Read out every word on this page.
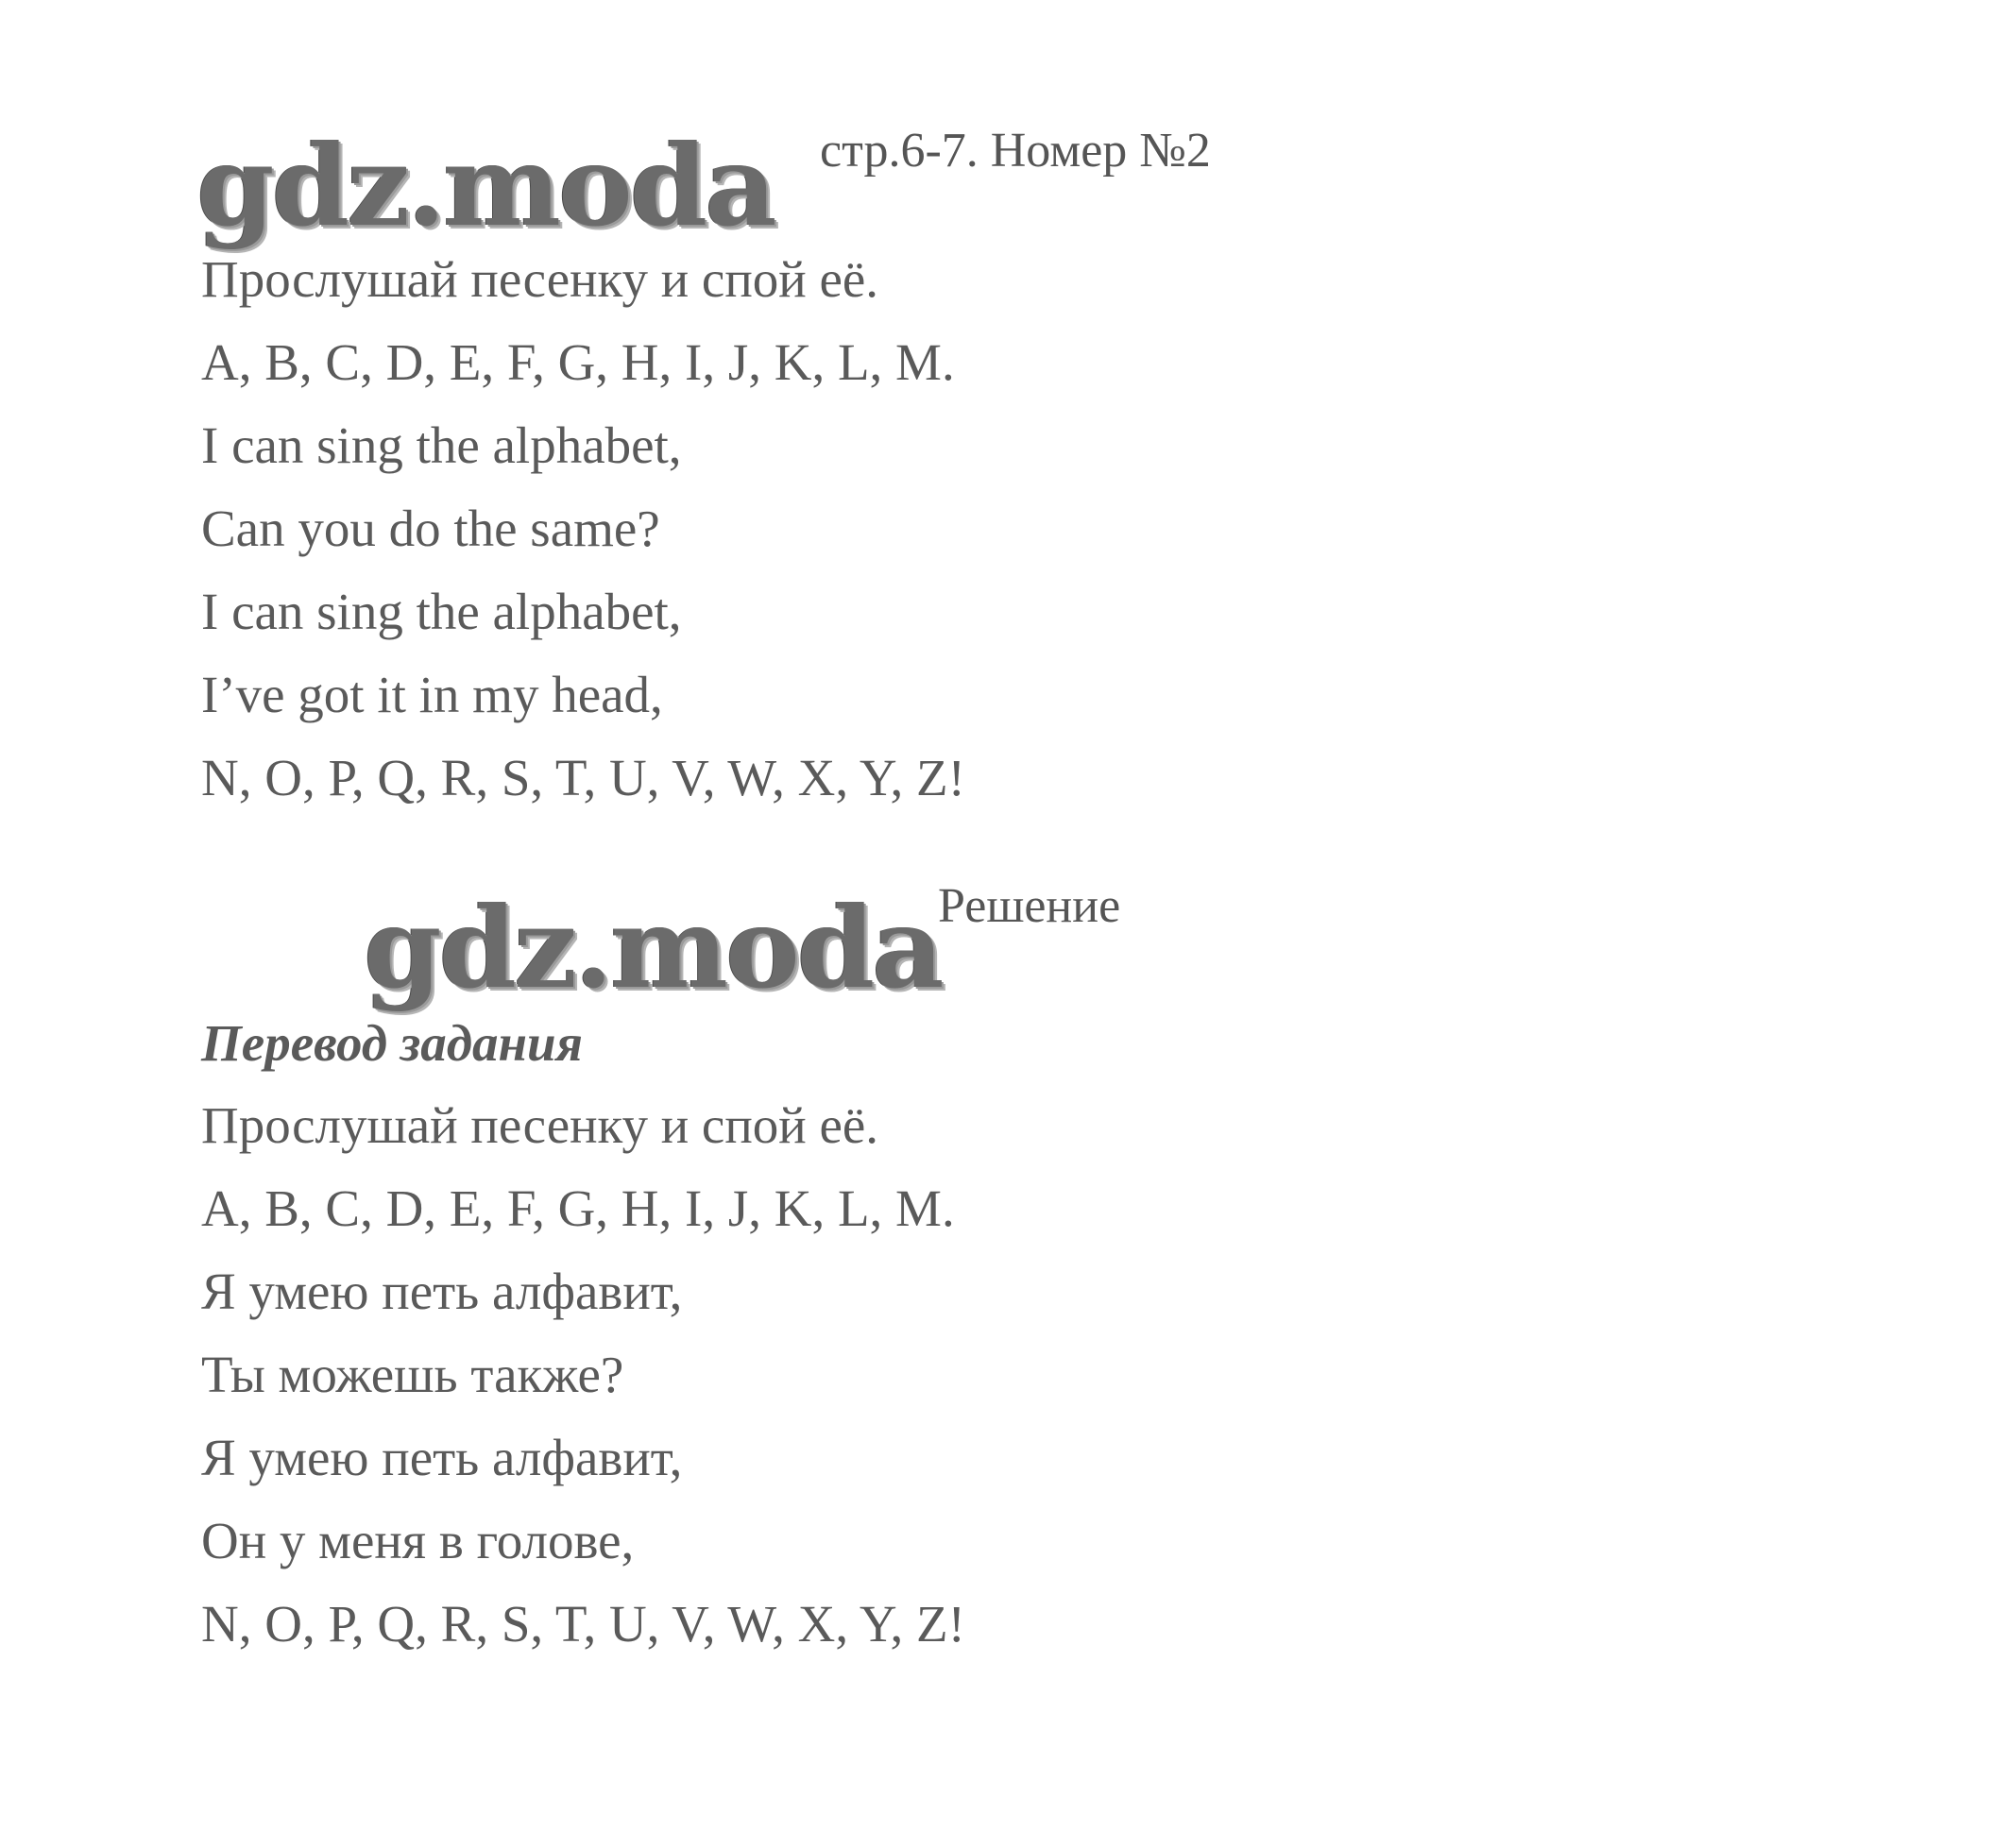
gdz.moda стр.6-7. Номер №2
Прослушай песенку и спой её.
A, B, C, D, E, F, G, H, I, J, K, L, M.
I can sing the alphabet,
Can you do the same?
I can sing the alphabet,
I’ve got it in my head,
N, O, P, Q, R, S, T, U, V, W, X, Y, Z!
gdz.moda
Решение
Перевод задания
Прослушай песенку и спой её.
A, B, C, D, E, F, G, H, I, J, K, L, M.
Я умею петь алфавит,
Ты можешь также?
Я умею петь алфавит,
Он у меня в голове,
N, O, P, Q, R, S, T, U, V, W, X, Y, Z!
